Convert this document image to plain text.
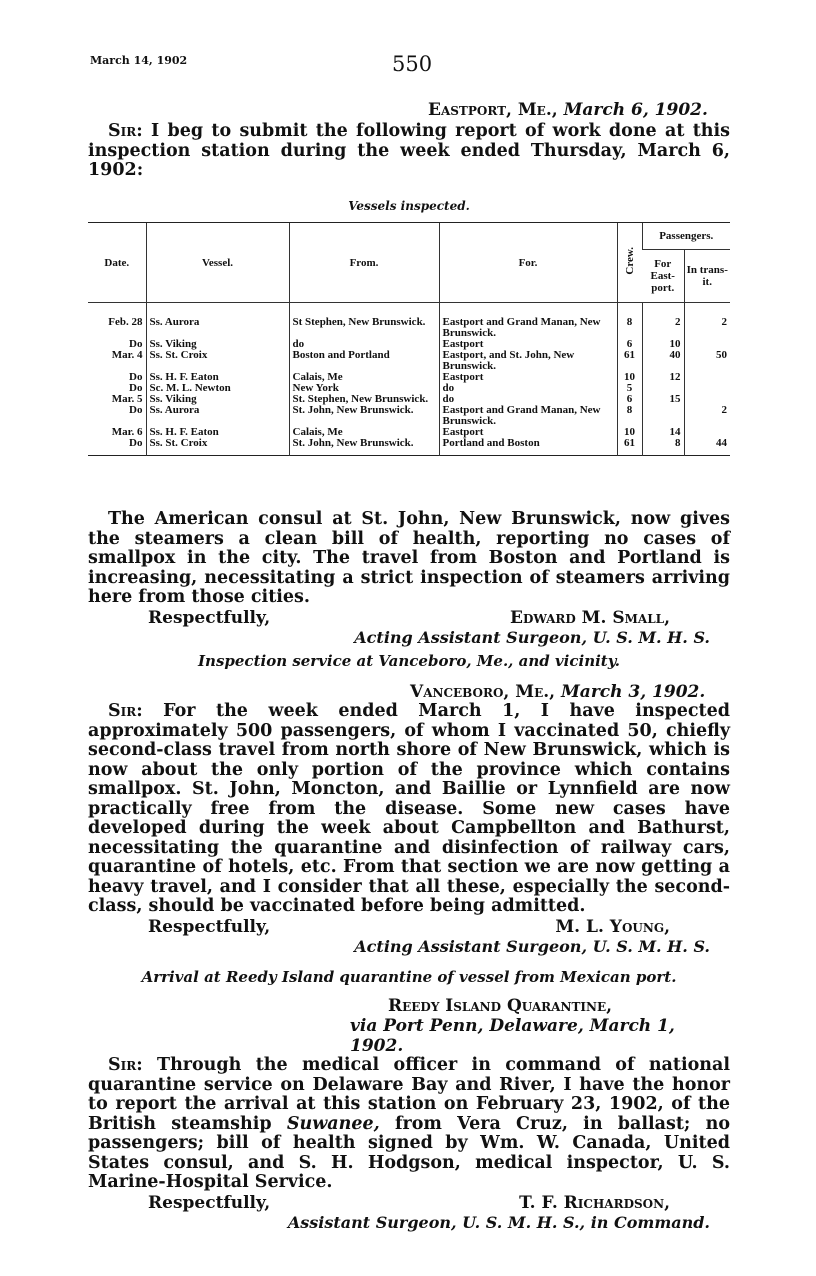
March 14, 1902	550
Eastport, Me., March 6, 1902.

Sir: I beg to submit the following report of work done at this inspection station during the week ended Thursday, March 6, 1902:

Vessels inspected.
Date.	Vessel.	From.	For.	Crew.	Passengers.	
					For East-port.	In trans-it.
Feb. 28	Ss. Aurora	St Stephen, New Brunswick.	Eastport and Grand Manan, New Brunswick.	8	2	2
Do	Ss. Viking	do	Eastport	6	10	
Mar. 4	Ss. St. Croix	Boston and Portland	Eastport, and St. John, New Brunswick.	61	40	50
Do	Ss. H. F. Eaton	Calais, Me	Eastport	10	12	
Do	Sc. M. L. Newton	New York	do	5		
Mar. 5	Ss. Viking	St. Stephen, New Brunswick.	do	6	15	
Do	Ss. Aurora	St. John, New Brunswick.	Eastport and Grand Manan, New Brunswick.	8		2
Mar. 6	Ss. H. F. Eaton	Calais, Me	Eastport	10	14	
Do	Ss. St. Croix	St. John, New Brunswick.	Portland and Boston	61	8	44

The American consul at St. John, New Brunswick, now gives the steamers a clean bill of health, reporting no cases of smallpox in the city. The travel from Boston and Portland is increasing, necessitating a strict inspection of steamers arriving here from those cities.

Respectfully,	Edward M. Small,
Acting Assistant Surgeon, U. S. M. H. S.
Inspection service at Vanceboro, Me., and vicinity.
Vanceboro, Me., March 3, 1902.

Sir: For the week ended March 1, I have inspected approximately 500 passengers, of whom I vaccinated 50, chiefly second-class travel from north shore of New Brunswick, which is now about the only portion of the province which contains smallpox. St. John, Moncton, and Baillie or Lynnfield are now practically free from the disease. Some new cases have developed during the week about Campbellton and Bathurst, necessitating the quarantine and disinfection of railway cars, quarantine of hotels, etc. From that section we are now getting a heavy travel, and I consider that all these, especially the second-class, should be vaccinated before being admitted.

Respectfully,	M. L. Young,
Acting Assistant Surgeon, U. S. M. H. S.
Arrival at Reedy Island quarantine of vessel from Mexican port.
Reedy Island Quarantine,
via Port Penn, Delaware, March 1, 1902.

Sir: Through the medical officer in command of national quarantine service on Delaware Bay and River, I have the honor to report the arrival at this station on February 23, 1902, of the British steamship Suwanee, from Vera Cruz, in ballast; no passengers; bill of health signed by Wm. W. Canada, United States consul, and S. H. Hodgson, medical inspector, U. S. Marine-Hospital Service.

Respectfully,	T. F. Richardson,
Assistant Surgeon, U. S. M. H. S., in Command.
